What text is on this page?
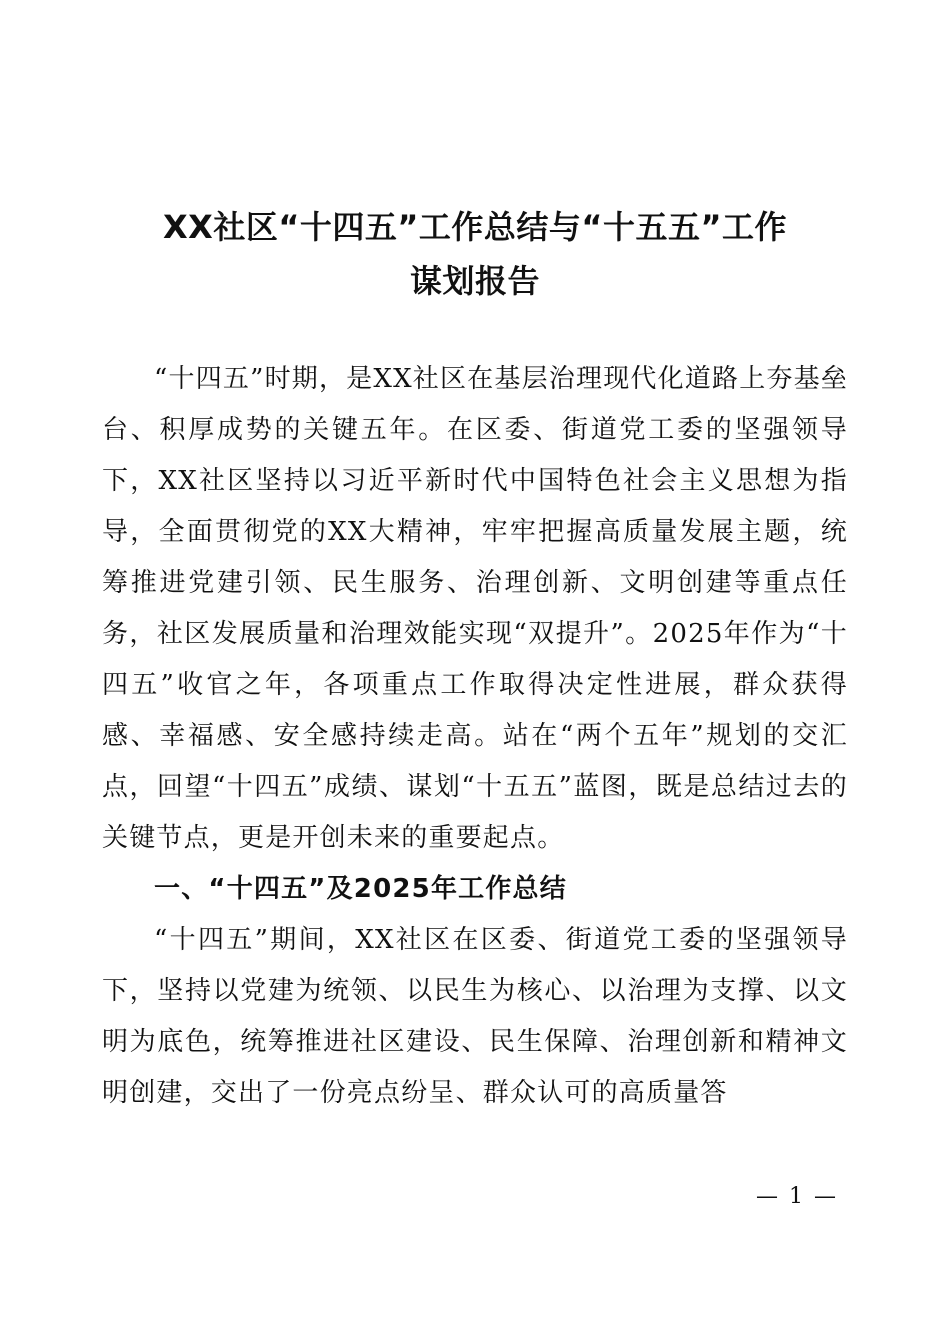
XX社区“十四五”工作总结与“十五五”工作
谋划报告

“十四五”时期，是XX社区在基层治理现代化道路上夯基垒台、积厚成势的关键五年。在区委、街道党工委的坚强领导下，XX社区坚持以习近平新时代中国特色社会主义思想为指导，全面贯彻党的XX大精神，牢牢把握高质量发展主题，统筹推进党建引领、民生服务、治理创新、文明创建等重点任务，社区发展质量和治理效能实现“双提升”。2025年作为“十四五”收官之年，各项重点工作取得决定性进展，群众获得感、幸福感、安全感持续走高。站在“两个五年”规划的交汇点，回望“十四五”成绩、谋划“十五五”蓝图，既是总结过去的关键节点，更是开创未来的重要起点。

一、“十四五”及2025年工作总结

“十四五”期间，XX社区在区委、街道党工委的坚强领导下，坚持以党建为统领、以民生为核心、以治理为支撑、以文明为底色，统筹推进社区建设、民生保障、治理创新和精神文明创建，交出了一份亮点纷呈、群众认可的高质量答

— 1 —
